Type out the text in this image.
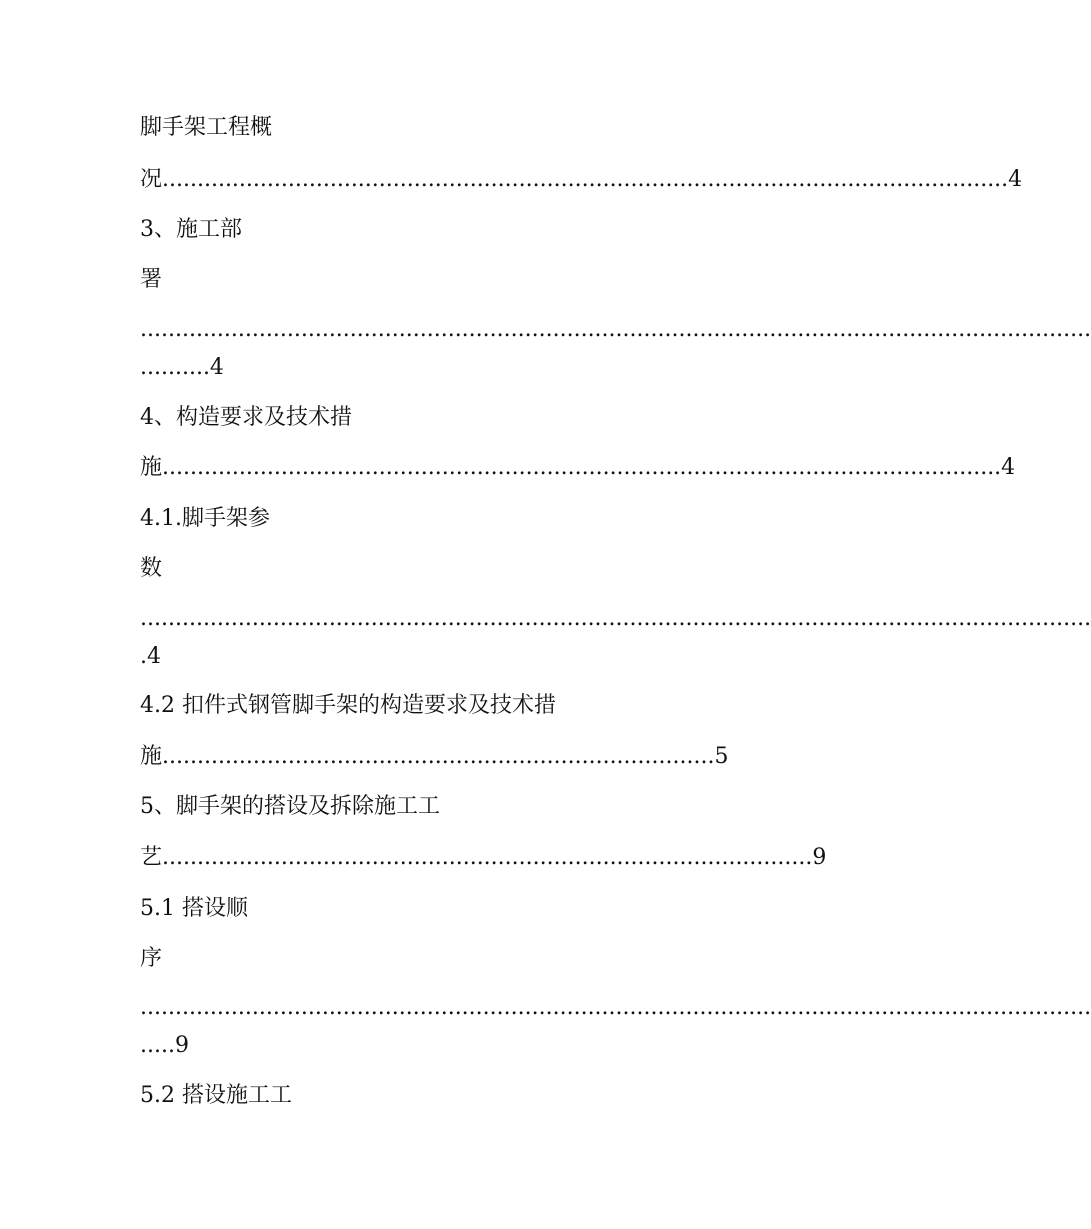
脚手架工程概
况.........................................................................................................................4
3、施工部
署
........................................................................................................................................
..........4
4、构造要求及技术措
施........................................................................................................................4
4.1.脚手架参
数
........................................................................................................................................
.4
4.2 扣件式钢管脚手架的构造要求及技术措
施...............................................................................5
5、脚手架的搭设及拆除施工工
艺.............................................................................................9
5.1 搭设顺
序
........................................................................................................................................
.....9
5.2 搭设施工工
